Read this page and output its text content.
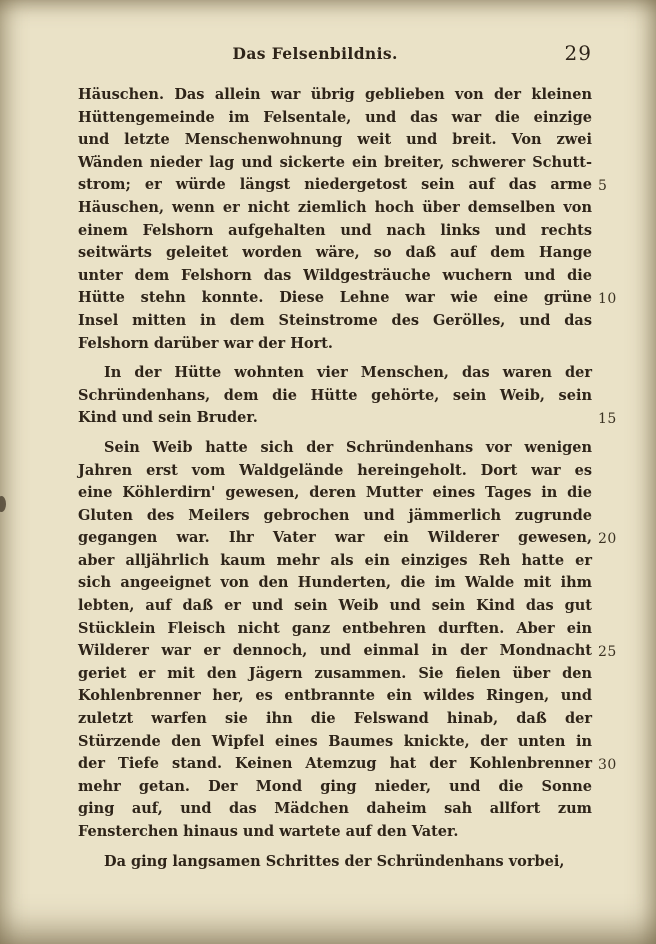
Das Felsenbildnis.	29
Häuschen. Das allein war übrig geblieben von der kleinen
Hüttengemeinde im Felsentale, und das war die einzige
und letzte Menschenwohnung weit und breit. Von zwei
Wänden nieder lag und sickerte ein breiter, schwerer Schutt-
strom; er würde längst niedergetost sein auf das arme 5
Häuschen, wenn er nicht ziemlich hoch über demselben von
einem Felshorn aufgehalten und nach links und rechts
seitwärts geleitet worden wäre, so daß auf dem Hange
unter dem Felshorn das Wildgesträuche wuchern und die
Hütte stehn konnte. Diese Lehne war wie eine grüne 10
Insel mitten in dem Steinstrome des Gerölles, und das
Felshorn darüber war der Hort.
In der Hütte wohnten vier Menschen, das waren der
Schründenhans, dem die Hütte gehörte, sein Weib, sein
Kind und sein Bruder.	15
Sein Weib hatte sich der Schründenhans vor wenigen
Jahren erst vom Waldgelände hereingeholt. Dort war es
eine Köhlerdirn' gewesen, deren Mutter eines Tages in die
Gluten des Meilers gebrochen und jämmerlich zugrunde
gegangen war. Ihr Vater war ein Wilderer gewesen, 20
aber alljährlich kaum mehr als ein einziges Reh hatte er
sich angeeignet von den Hunderten, die im Walde mit ihm
lebten, auf daß er und sein Weib und sein Kind das gut
Stücklein Fleisch nicht ganz entbehren durften. Aber ein
Wilderer war er dennoch, und einmal in der Mondnacht 25
geriet er mit den Jägern zusammen. Sie fielen über den
Kohlenbrenner her, es entbrannte ein wildes Ringen, und
zuletzt warfen sie ihn die Felswand hinab, daß der
Stürzende den Wipfel eines Baumes knickte, der unten in
der Tiefe stand. Keinen Atemzug hat der Kohlenbrenner 30
mehr getan. Der Mond ging nieder, und die Sonne
ging auf, und das Mädchen daheim sah allfort zum
Fensterchen hinaus und wartete auf den Vater.
Da ging langsamen Schrittes der Schründenhans vorbei,
